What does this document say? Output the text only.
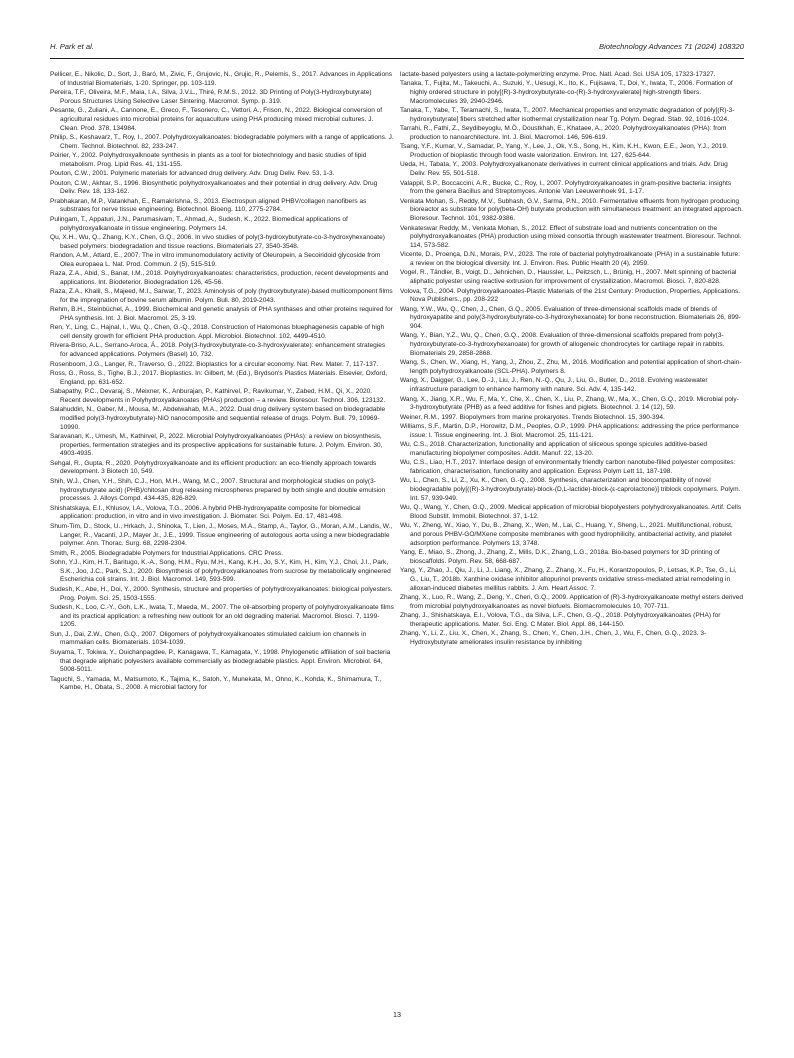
H. Park et al.	Biotechnology Advances 71 (2024) 108320

Pellicer, E., Nikolic, D., Sort, J., Baró, M., Zivic, F., Grujovic, N., Grujic, R., Pelemis, S., 2017. Advances in Applications of Industrial Biomaterials, 1-20. Springer, pp. 103-119.

Pereira, T.F., Oliveira, M.F., Maia, I.A., Silva, J.V.L., Thiré, R.M.S., 2012. 3D Printing of Poly(3-Hydroxybutyrate) Porous Structures Using Selective Laser Sintering. Macromol. Symp. p. 319.

Pesante, G., Zuliani, A., Cannone, E., Greco, F., Tesoriero, C., Vettori, A., Frison, N., 2022. Biological conversion of agricultural residues into microbial proteins for aquaculture using PHA producing mixed microbial cultures. J. Clean. Prod. 378, 134984.

Philip, S., Keshavarz, T., Roy, I., 2007. Polyhydroxyalkanoates: biodegradable polymers with a range of applications. J. Chem. Technol. Biotechnol. 82, 233-247.

Poirier, Y., 2002. Polyhydroxyalknoate synthesis in plants as a tool for biotechnology and basic studies of lipid metabolism. Prog. Lipid Res. 41, 131-155.

Pouton, C.W., 2001. Polymeric materials for advanced drug delivery. Adv. Drug Deliv. Rev. 53, 1-3.

Pouton, C.W., Akhtar, S., 1996. Biosynthetic polyhydroxyalkanoates and their potential in drug delivery. Adv. Drug Deliv. Rev. 18, 133-162.

Prabhakaran, M.P., Vatankhah, E., Ramakrishna, S., 2013. Electrospun aligned PHBV/collagen nanofibers as substrates for nerve tissue engineering. Biotechnol. Bioeng. 110, 2775-2784.

Pulingam, T., Appaturi, J.N., Parumasivam, T., Ahmad, A., Sudesh, K., 2022. Biomedical applications of polyhydroxyalkanoate in tissue engineering. Polymers 14.

Qu, X.H., Wu, Q., Zhang, K.Y., Chen, G.Q., 2006. In vivo studies of poly(3-hydroxybutyrate-co-3-hydroxyhexanoate) based polymers: biodegradation and tissue reactions. Biomaterials 27, 3540-3548.

Randon, A.M., Attard, E., 2007. The in vitro immunomodulatory activity of Oleuropein, a Secoiridoid glycoside from Olea europaea L. Nat. Prod. Commun. 2 (5), 515-519.

Raza, Z.A., Abid, S., Banat, I.M., 2018. Polyhydroxyalkanoates: characteristics, production, recent developments and applications. Int. Biodeterior. Biodegradation 126, 45-56.

Raza, Z.A., Khalil, S., Majeed, M.I., Sarwar, T., 2023. Aminolysis of poly (hydroxybutyrate)-based multicomponent films for the impregnation of bovine serum albumin. Polym. Bull. 80, 2019-2043.

Rehm, B.H., Steinbüchel, A., 1999. Biochemical and genetic analysis of PHA synthases and other proteins required for PHA synthesis. Int. J. Biol. Macromol. 25, 3-19.

Ren, Y., Ling, C., Hajnal, I., Wu, Q., Chen, G.-Q., 2018. Construction of Halomonas bluephagenesis capable of high cell density growth for efficient PHA production. Appl. Microbiol. Biotechnol. 102, 4499-4510.

Rivera-Briso, A.L., Serrano-Aroca, Á., 2018. Poly(3-hydroxybutyrate-co-3-hydroxyvalerate): enhancement strategies for advanced applications. Polymers (Basel) 10, 732.

Rosenboom, J.G., Langer, R., Traverso, G., 2022. Bioplastics for a circular economy. Nat. Rev. Mater. 7, 117-137.

Ross, G., Ross, S., Tighe, B.J., 2017. Bioplastics. In: Gilbert, M. (Ed.), Brydson's Plastics Materials. Elsevier, Oxford, England, pp. 631-652.

Sabapathy, P.C., Devaraj, S., Meixner, K., Anburajan, P., Kathirvel, P., Ravikumar, Y., Zabed, H.M., Qi, X., 2020. Recent developments in Polyhydroxyalkanoates (PHAs) production – a review. Bioresour. Technol. 306, 123132.

Salahuddin, N., Gaber, M., Mousa, M., Abdelwahab, M.A., 2022. Dual drug delivery system based on biodegradable modified poly(3-hydroxybutyrate)-NiO nanocomposite and sequential release of drugs. Polym. Bull. 79, 10969-10990.

Saravanan, K., Umesh, M., Kathirvel, P., 2022. Microbial Polyhydroxyalkanoates (PHAs): a review on biosynthesis, properties, fermentation strategies and its prospective applications for sustainable future. J. Polym. Environ. 30, 4903-4935.

Sehgal, R., Gupta, R., 2020. Polyhydroxyalkanoate and its efficient production: an eco-friendly approach towards development. 3 Biotech 10, 549.

Shih, W.J., Chen, Y.H., Shih, C.J., Hon, M.H., Wang, M.C., 2007. Structural and morphological studies on poly(3-hydroxybutyrate acid) (PHB)/chitosan drug releasing microspheres prepared by both single and double emulsion processes. J. Alloys Compd. 434-435, 826-829.

Shishatskaya, E.I., Khlusov, I.A., Volova, T.G., 2006. A hybrid PHB-hydroxyapatite composite for biomedical application: production, in vitro and in vivo investigation. J. Biomater. Sci. Polym. Ed. 17, 481-498.

Shum-Tim, D., Stock, U., Hrkach, J., Shinoka, T., Lien, J., Moses, M.A., Stamp, A., Taylor, G., Moran, A.M., Landis, W., Langer, R., Vacanti, J.P., Mayer Jr., J.E., 1999. Tissue engineering of autologous aorta using a new biodegradable polymer. Ann. Thorac. Surg. 68, 2298-2304.

Smith, R., 2005. Biodegradable Polymers for Industrial Applications. CRC Press.

Sohn, Y.J., Kim, H.T., Baritugo, K.-A., Song, H.M., Ryu, M.H., Kang, K.H., Jo, S.Y., Kim, H., Kim, Y.J., Choi, J.I., Park, S.K., Joo, J.C., Park, S.J., 2020. Biosynthesis of polyhydroxyalkanoates from sucrose by metabolically engineered Escherichia coli strains. Int. J. Biol. Macromol. 149, 593-599.

Sudesh, K., Abe, H., Doi, Y., 2000. Synthesis, structure and properties of polyhydroxyalkanoates: biological polyesters. Prog. Polym. Sci. 25, 1503-1555.

Sudesh, K., Loo, C.-Y., Goh, L.K., Iwata, T., Maeda, M., 2007. The oil-absorbing property of polyhydroxyalkanoate films and its practical application: a refreshing new outlook for an old degrading material. Macromol. Biosci. 7, 1199-1205.

Sun, J., Dai, Z.W., Chen, G.Q., 2007. Oligomers of polyhydroxyalkanoates stimulated calcium ion channels in mammalian cells. Biomaterials. 1034-1039.

Suyama, T., Tokiwa, Y., Ouichanpagdee, P., Kanagawa, T., Kamagata, Y., 1998. Phylogenetic affiliation of soil bacteria that degrade aliphatic polyesters available commercially as biodegradable plastics. Appl. Environ. Microbiol. 64, 5008-5011.

Taguchi, S., Yamada, M., Matsumoto, K., Tajima, K., Satoh, Y., Munekata, M., Ohno, K., Kohda, K., Shimamura, T., Kambe, H., Obata, S., 2008. A microbial factory for

lactate-based polyesters using a lactate-polymerizing enzyme. Proc. Natl. Acad. Sci. USA 105, 17323-17327.

Tanaka, T., Fujita, M., Takeuchi, A., Suzuki, Y., Uesugi, K., Ito, K., Fujisawa, T., Doi, Y., Iwata, T., 2006. Formation of highly ordered structure in poly[(R)-3-hydroxybutyrate-co-(R)-3-hydroxyvalerate] high-strength fibers. Macromolecules 39, 2940-2946.

Tanaka, T., Yabe, T., Teramachi, S., Iwata, T., 2007. Mechanical properties and enzymatic degradation of poly[(R)-3-hydroxybutyrate] fibers stretched after isothermal crystallization near Tg. Polym. Degrad. Stab. 92, 1016-1024.

Tarrahi, R., Fathi, Z., Seydibeyoglu, M.Ö., Doustkhah, E., Khataee, A., 2020. Polyhydroxyalkanoates (PHA): from production to nanoarchitecture. Int. J. Biol. Macromol. 146, 596-619.

Tsang, Y.F., Kumar, V., Samadar, P., Yang, Y., Lee, J., Ok, Y.S., Song, H., Kim, K.H., Kwon, E.E., Jeon, Y.J., 2019. Production of bioplastic through food waste valorization. Environ. Int. 127, 625-644.

Ueda, H., Tabata, Y., 2003. Polyhydroxyalkanonate derivatives in current clinical applications and trials. Adv. Drug Deliv. Rev. 55, 501-518.

Valappil, S.P., Boccaccini, A.R., Bucke, C., Roy, I., 2007. Polyhydroxyalkanoates in gram-positive bacteria: insights from the genera Bacillus and Streptomyces. Antonie Van Leeuwenhoek 91, 1-17.

Venkata Mohan, S., Reddy, M.V., Subhash, G.V., Sarma, P.N., 2010. Fermentative effluents from hydrogen producing bioreactor as substrate for poly(beta-OH) butyrate production with simultaneous treatment: an integrated approach. Bioresour. Technol. 101, 9382-9386.

Venkateswar Reddy, M., Venkata Mohan, S., 2012. Effect of substrate load and nutrients concentration on the polyhydroxyalkanoates (PHA) production using mixed consortia through wastewater treatment. Bioresour. Technol. 114, 573-582.

Vicente, D., Proença, D.N., Morais, P.V., 2023. The role of bacterial polyhydroalkanoate (PHA) in a sustainable future: a review on the biological diversity. Int. J. Environ. Res. Public Health 20 (4), 2959.

Vogel, R., Tändler, B., Voigt, D., Jehnichen, D., Haussler, L., Peitzsch, L., Brünig, H., 2007. Melt spinning of bacterial aliphatic polyester using reactive extrusion for improvement of crystallization. Macromol. Biosci. 7, 820-828.

Volova, T.G., 2004. Polyhydroxyalkanoates-Plastic Materials of the 21st Century: Production, Properties, Applications. Nova Publishers., pp. 208-222

Wang, Y.W., Wu, Q., Chen, J., Chen, G.Q., 2005. Evaluation of three-dimensional scaffolds made of blends of hydroxyapatite and poly(3-hydroxybutyrate-co-3-hydroxyhexanoate) for bone reconstruction. Biomaterials 26, 899-904.

Wang, Y., Bian, Y.Z., Wu, Q., Chen, G.Q., 2008. Evaluation of three-dimensional scaffolds prepared from poly(3-hydroxybutyrate-co-3-hydroxyhexanoate) for growth of allogeneic chondrocytes for cartilage repair in rabbits. Biomaterials 29, 2858-2868.

Wang, S., Chen, W., Xiang, H., Yang, J., Zhou, Z., Zhu, M., 2016. Modification and potential application of short-chain-length polyhydroxyalkanoate (SCL-PHA). Polymers 8.

Wang, X., Daigger, G., Lee, D.-J., Liu, J., Ren, N.-Q., Qu, J., Liu, G., Butler, D., 2018. Evolving wastewater infrastructure paradigm to enhance harmony with nature. Sci. Adv. 4, 135-142.

Wang, X., Jiang, X.R., Wu, F., Ma, Y., Che, X., Chen, X., Liu, P., Zhang, W., Ma, X., Chen, G.Q., 2019. Microbial poly-3-hydroxybutyrate (PHB) as a feed additive for fishes and piglets. Biotechnol. J. 14 (12), 59.

Weiner, R.M., 1997. Biopolymers from marine prokaryotes. Trends Biotechnol. 15, 390-394.

Williams, S.F., Martin, D.P., Horowitz, D.M., Peoples, O.P., 1999. PHA applications: addressing the price performance issue: I. Tissue engineering. Int. J. Biol. Macromol. 25, 111-121.

Wu, C.S., 2018. Characterization, functionality and application of siliceous sponge spicules additive-based manufacturing biopolymer composites. Addit. Manuf. 22, 13-20.

Wu, C.S., Liao, H.T., 2017. Interface design of environmentally friendly carbon nanotube-filled polyester composites: fabrication, characterisation, functionality and application. Express Polym Lett 11, 187-198.

Wu, L., Chen, S., Li, Z., Xu, K., Chen, G.-Q., 2008. Synthesis, characterization and biocompatibility of novel biodegradable poly[((R)-3-hydroxybutyrate)-block-(D,L-lactide)-block-(ε-caprolactone)] triblock copolymers. Polym. Int. 57, 939-949.

Wu, Q., Wang, Y., Chen, G.Q., 2009. Medical application of microbial biopolyesters polyhydroxyalkanoates. Artif. Cells Blood Substit. Immobil. Biotechnol. 37, 1-12.

Wu, Y., Zheng, W., Xiao, Y., Du, B., Zhang, X., Wen, M., Lai, C., Huang, Y., Sheng, L., 2021. Multifunctional, robust, and porous PHBV-GO/MXene composite membranes with good hydrophilicity, antibacterial activity, and platelet adsorption performance. Polymers 13, 3748.

Yang, E., Miao, S., Zhong, J., Zhang, Z., Mills, D.K., Zhang, L.G., 2018a. Bio-based polymers for 3D printing of bioscaffolds. Polym. Rev. 58, 668-687.

Yang, Y., Zhao, J., Qiu, J., Li, J., Liang, X., Zhang, Z., Zhang, X., Fu, H., Korantzopoulos, P., Letsas, K.P., Tse, G., Li, G., Liu, T., 2018b. Xanthine oxidase inhibitor allopurinol prevents oxidative stress-mediated atrial remodeling in alloxan-induced diabetes mellitus rabbits. J. Am. Heart Assoc. 7.

Zhang, X., Luo, R., Wang, Z., Deng, Y., Chen, G.Q., 2009. Application of (R)-3-hydroxyalkanoate methyl esters derived from microbial polyhydroxyalkanoates as novel biofuels. Biomacromolecules 10, 707-711.

Zhang, J., Shishatskaya, E.I., Volova, T.G., da Silva, L.F., Chen, G.-Q., 2018. Polyhydroxyalkanoates (PHA) for therapeutic applications. Mater. Sci. Eng. C Mater. Biol. Appl. 86, 144-150.

Zhang, Y., Li, Z., Liu, X., Chen, X., Zhang, S., Chen, Y., Chen, J.H., Chen, J., Wu, F., Chen, G.Q., 2023. 3-Hydroxybutyrate ameliorates insulin resistance by inhibiting

13
